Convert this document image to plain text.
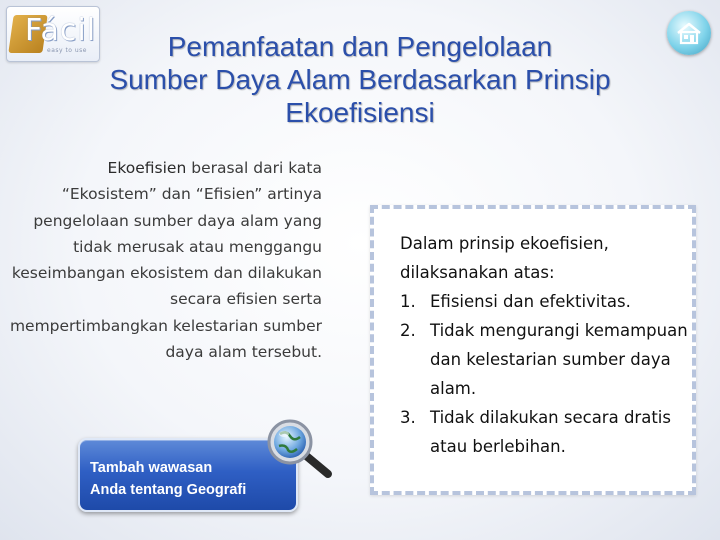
Fácil
easy to use	Pemanfaatan dan Pengelolaan
Sumber Daya Alam Berdasarkan Prinsip
Ekoefisiensi
Ekoefisien berasal dari kata “Ekosistem” dan “Efisien” artinya pengelolaan sumber daya alam yang tidak merusak atau menggangu keseimbangan ekosistem dan dilakukan secara efisien serta mempertimbangkan kelestarian sumber daya alam tersebut.
Tambah wawasan
Anda tentang Geografi
Dalam prinsip ekoefisien, dilaksanakan atas:
1. Efisiensi dan efektivitas.
2. Tidak mengurangi kemampuan dan kelestarian sumber daya alam.
3. Tidak dilakukan secara dratis atau berlebihan.
